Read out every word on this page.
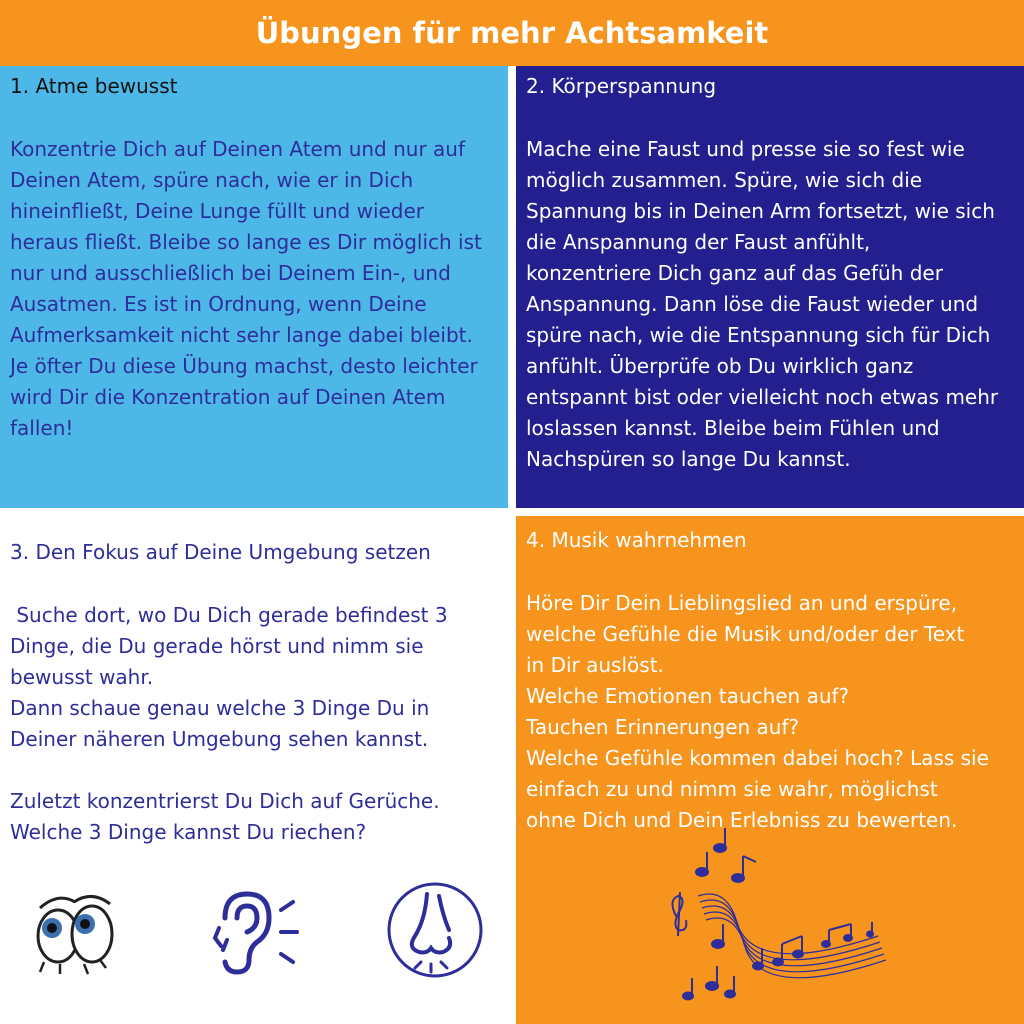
Übungen für mehr Achtsamkeit
1. Atme bewusst
Konzentrie Dich auf Deinen Atem und nur auf
Deinen Atem, spüre nach, wie er in Dich
hineinfließt, Deine Lunge füllt und wieder
heraus fließt. Bleibe so lange es Dir möglich ist
nur und ausschließlich bei Deinem Ein-, und
Ausatmen. Es ist in Ordnung, wenn Deine
Aufmerksamkeit nicht sehr lange dabei bleibt.
Je öfter Du diese Übung machst, desto leichter
wird Dir die Konzentration auf Deinen Atem
fallen!
2. Körperspannung
Mache eine Faust und presse sie so fest wie
möglich zusammen. Spüre, wie sich die
Spannung bis in Deinen Arm fortsetzt, wie sich
die Anspannung der Faust anfühlt,
konzentriere Dich ganz auf das Gefüh der
Anspannung. Dann löse die Faust wieder und
spüre nach, wie die Entspannung sich für Dich
anfühlt. Überprüfe ob Du wirklich ganz
entspannt bist oder vielleicht noch etwas mehr
loslassen kannst. Bleibe beim Fühlen und
Nachspüren so lange Du kannst.
3. Den Fokus auf Deine Umgebung setzen
Suche dort, wo Du Dich gerade befindest 3
Dinge, die Du gerade hörst und nimm sie
bewusst wahr.
Dann schaue genau welche 3 Dinge Du in
Deiner näheren Umgebung sehen kannst.
Zuletzt konzentrierst Du Dich auf Gerüche.
Welche 3 Dinge kannst Du riechen?
4. Musik wahrnehmen
Höre Dir Dein Lieblingslied an und erspüre,
welche Gefühle die Musik und/oder der Text
in Dir auslöst.
Welche Emotionen tauchen auf?
Tauchen Erinnerungen auf?
Welche Gefühle kommen dabei hoch? Lass sie
einfach zu und nimm sie wahr, möglichst
ohne Dich und Dein Erlebniss zu bewerten.
